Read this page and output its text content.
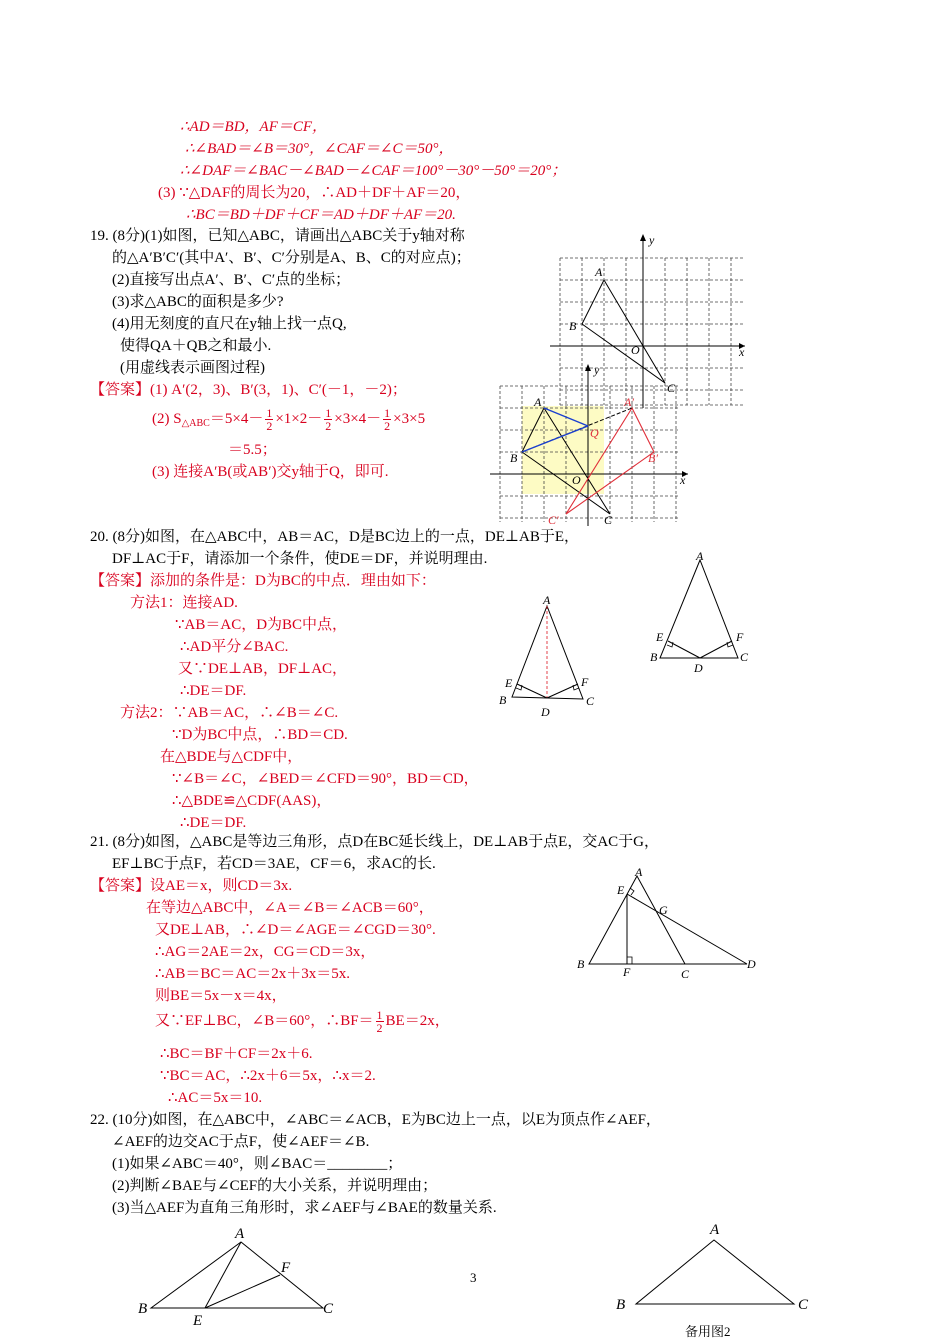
∴AD＝BD，AF＝CF，
∴∠BAD＝∠B＝30°，∠CAF＝∠C＝50°，
∴∠DAF＝∠BAC－∠BAD－∠CAF＝100°－30°－50°＝20°；
(3) ∵△DAF的周长为20，∴AD＋DF＋AF＝20，
∴BC＝BD＋DF＋CF＝AD＋DF＋AF＝20.
19. (8分)(1)如图，已知△ABC，请画出△ABC关于y轴对称
的△A′B′C′(其中A′、B′、C′分别是A、B、C的对应点)；
(2)直接写出点A′、B′、C′点的坐标；
(3)求△ABC的面积是多少?
(4)用无刻度的直尺在y轴上找一点Q,
使得QA＋QB之和最小.
(用虚线表示画图过程)
【答案】(1) A′(2，3)、B′(3，1)、C′(－1，－2)；
(2) $S_{\triangle ABC}=5\times 4- \frac{1}{2} \times 1\times 2- \frac{1}{2} \times 3\times 4- \frac{1}{2} \times 3\times 5$
＝5.5；
(3) 连接A′B(或AB′)交y轴于Q，即可.
A
B
C
O	x
y
A
B
C
A′
B′
C′
Q
O	x
y
20. (8分)如图，在△ABC中，AB＝AC，D是BC边上的一点，DE⊥AB于E，
DF⊥AC于F，请添加一个条件，使DE＝DF，并说明理由.
【答案】添加的条件是：D为BC的中点．理由如下：
方法1：连接AD.
∵AB＝AC，D为BC中点，
∴AD平分∠BAC.
又∵DE⊥AB，DF⊥AC，
∴DE＝DF.
方法2：∵AB＝AC，∴∠B＝∠C.
∵D为BC中点，∴BD＝CD.
在△BDE与△CDF中，
∵∠B＝∠C，∠BED＝∠CFD＝90°，BD＝CD，
∴△BDE≌△CDF(AAS)，
∴DE＝DF.
A
B	C
D
E	F
A
B	C
D
E	F
21. (8分)如图，△ABC是等边三角形，点D在BC延长线上，DE⊥AB于点E，交AC于G，
EF⊥BC于点F，若CD＝3AE，CF＝6，求AC的长.
【答案】设AE＝x，则CD＝3x.
在等边△ABC中，∠A＝∠B＝∠ACB＝60°，
又DE⊥AB，∴∠D＝∠AGE＝∠CGD＝30°.
∴AG＝2AE＝2x，CG＝CD＝3x，
∴AB＝BC＝AC＝2x＋3x＝5x.
则BE＝5x－x＝4x，
又∵EF⊥BC，∠B＝60°，∴BF＝ $\frac{1}{2} BE=2x$，
∴BC＝BF＋CF＝2x＋6.
∵BC＝AC，∴2x＋6＝5x，∴x＝2.
∴AC＝5x＝10.
A
B
C
D
E
F
G
22. (10分)如图，在△ABC中，∠ABC＝∠ACB，E为BC边上一点，以E为顶点作∠AEF，
∠AEF的边交AC于点F，使∠AEF＝∠B.
(1)如果∠ABC＝40°，则∠BAC＝________；
(2)判断∠BAE与∠CEF的大小关系，并说明理由；
(3)当△AEF为直角三角形时，求∠AEF与∠BAE的数量关系.
A
B	C
E
F
A
B	C
备用图2
3
